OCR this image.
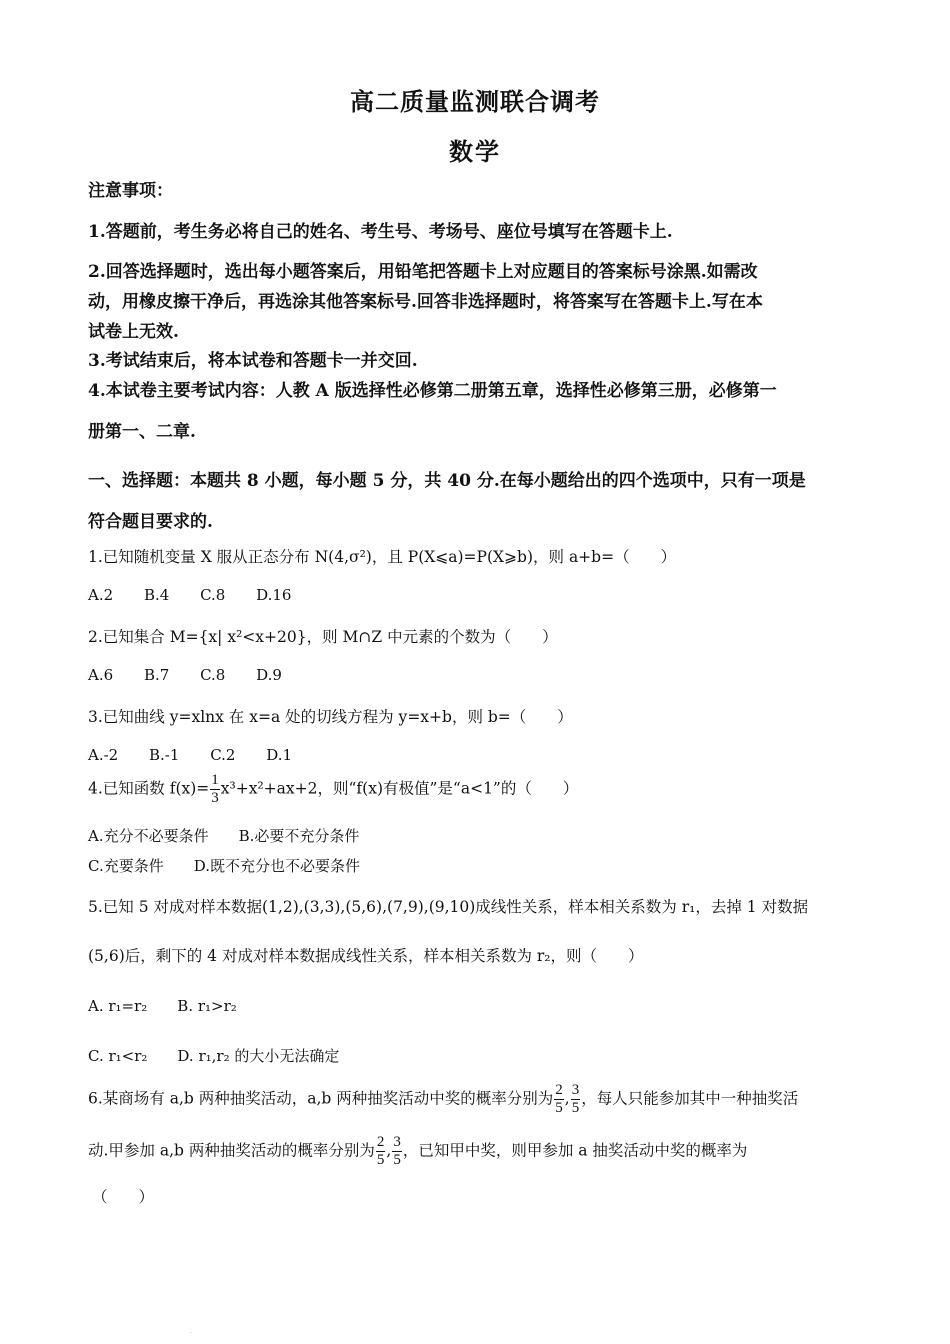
高二质量监测联合调考
数学
注意事项：
1.答题前，考生务必将自己的姓名、考生号、考场号、座位号填写在答题卡上.
2.回答选择题时，选出每小题答案后，用铅笔把答题卡上对应题目的答案标号涂黑.如需改
动，用橡皮擦干净后，再选涂其他答案标号.回答非选择题时，将答案写在答题卡上.写在本
试卷上无效.
3.考试结束后，将本试卷和答题卡一并交回.
4.本试卷主要考试内容：人教 A 版选择性必修第二册第五章，选择性必修第三册，必修第一
册第一、二章.
一、选择题：本题共 8 小题，每小题 5 分，共 40 分.在每小题给出的四个选项中，只有一项是
符合题目要求的.
1.已知随机变量 X 服从正态分布 N(4,σ²)，且 P(X⩽a)=P(X⩾b)，则 a+b=（　　）
A.2 B.4 C.8 D.16
2.已知集合 M={x| x²<x+20}，则 M∩Z 中元素的个数为（　　）
A.6 B.7 C.8 D.9
3.已知曲线 y=xlnx 在 x=a 处的切线方程为 y=x+b，则 b=（　　）
A.-2 B.-1 C.2 D.1
4.已知函数 $f(x)= \frac{1}{3} x^3+x^2+ax+2$，则“f(x)有极值”是“a<1”的（　　）
A.充分不必要条件　　B.必要不充分条件
C.充要条件　　D.既不充分也不必要条件
5.已知 5 对成对样本数据(1,2),(3,3),(5,6),(7,9),(9,10)成线性关系，样本相关系数为 r₁，去掉 1 对数据
(5,6)后，剩下的 4 对成对样本数据成线性关系，样本相关系数为 r₂，则（　　）
A. r₁=r₂　　B. r₁>r₂
C. r₁<r₂　　D. r₁,r₂ 的大小无法确定
6.某商场有 a,b 两种抽奖活动，a,b 两种抽奖活动中奖的概率分别为 $\frac{2}{5}$ , $\frac{3}{5}$ ，每人只能参加其中一种抽奖活
动.甲参加 a,b 两种抽奖活动的概率分别为 $\frac{2}{5}$ , $\frac{3}{5}$ ，已知甲中奖，则甲参加 a 抽奖活动中奖的概率为
（　　）
.
